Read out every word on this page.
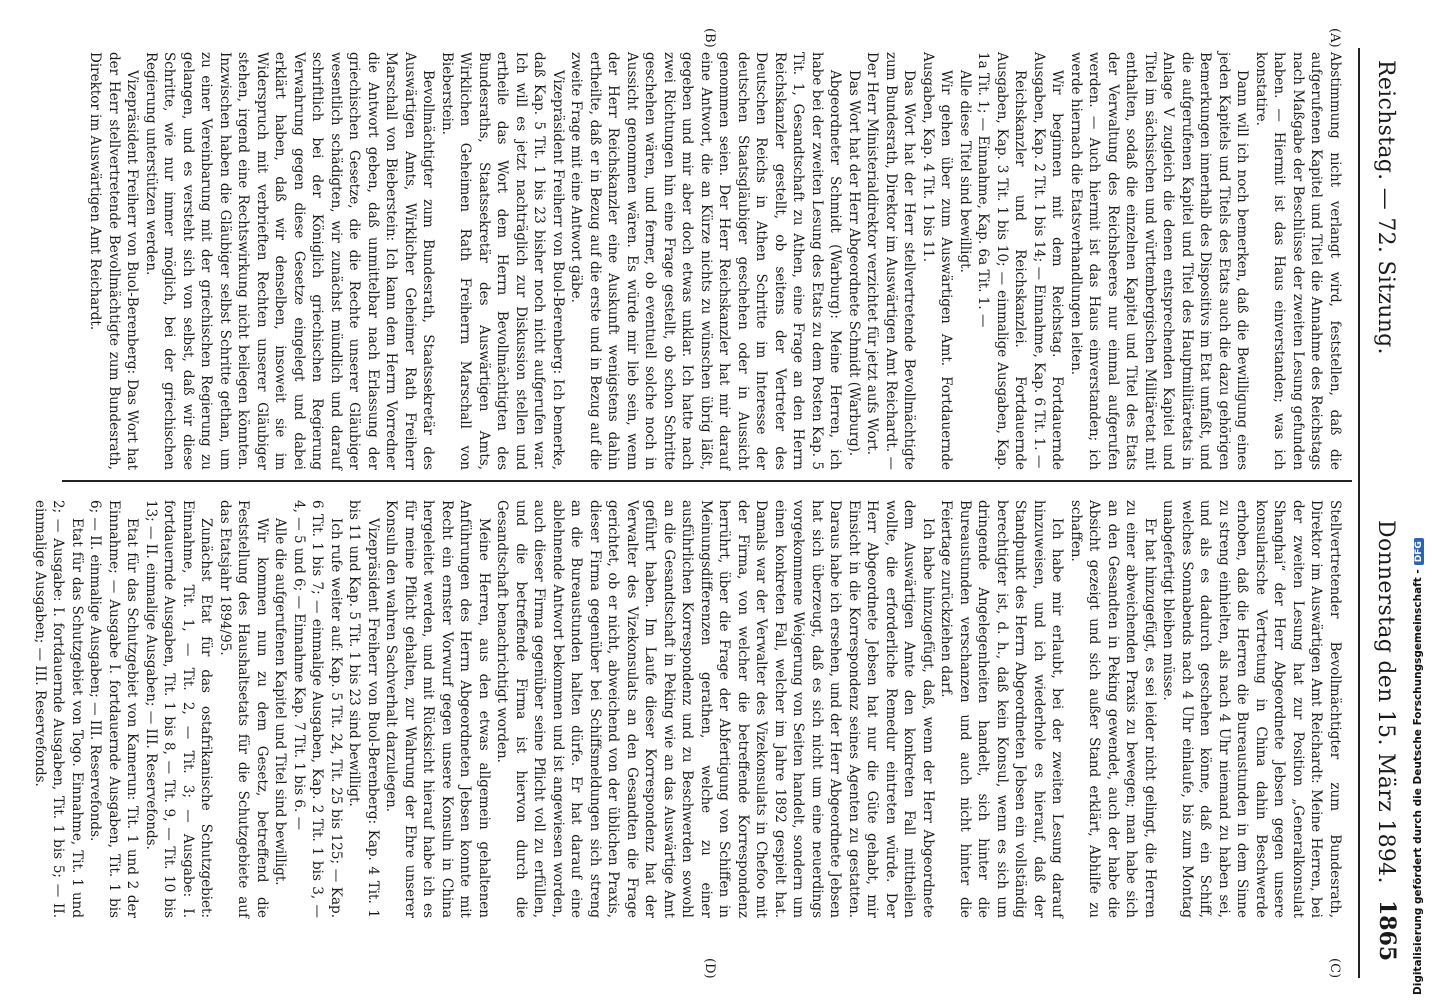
Reichstag. — 72. Sitzung.
Donnerstag den 15. März 1894.
1865
(A)
(B)
(C)
(D)

Abstimmung nicht verlangt wird, feststellen, daß die aufgerufenen Kapitel und Titel die Annahme des Reichstags nach Maßgabe der Beschlüsse der zweiten Lesung gefunden haben. — Hiermit ist das Haus einverstanden; was ich konstatire.

Dann will ich noch bemerken, daß die Bewilligung eines jeden Kapitels und Titels des Etats auch die dazu gehörigen Bemerkungen innerhalb des Dispositivs im Etat umfaßt, und die aufgerufenen Kapitel und Titel des Hauptmilitäretats in Anlage V zugleich die denen entsprechenden Kapitel und Titel im sächsischen und württembergischen Militäretat mit enthalten, sodaß die einzelnen Kapitel und Titel des Etats der Verwaltung des Reichsheeres nur einmal aufgerufen werden. — Auch hiermit ist das Haus einverstanden; ich werde hiernach die Etatsverhandlungen leiten.

Wir beginnen mit dem Reichstag. Fortdauernde Ausgaben, Kap. 2 Tit. 1 bis 14; — Einnahme, Kap. 6 Tit. 1. —

Reichskanzler und Reichskanzlei. Fortdauernde Ausgaben, Kap. 3 Tit. 1 bis 10; — einmalige Ausgaben, Kap. 1a Tit. 1; — Einnahme, Kap. 6a Tit. 1. —

Alle diese Titel sind bewilligt.

Wir gehen über zum Auswärtigen Amt. Fortdauernde Ausgaben, Kap. 4 Tit. 1 bis 11.

Das Wort hat der Herr stellvertretende Bevollmächtigte zum Bundesrath, Direktor im Auswärtigen Amt Reichardt. — Der Herr Ministerialdirektor verzichtet für jetzt aufs Wort.

Das Wort hat der Herr Abgeordnete Schmidt (Warburg).

Abgeordneter Schmidt (Warburg): Meine Herren, ich habe bei der zweiten Lesung des Etats zu dem Posten Kap. 5 Tit. 1, Gesandtschaft zu Athen, eine Frage an den Herrn Reichskanzler gestellt, ob seitens der Vertreter des Deutschen Reichs in Athen Schritte im Interesse der deutschen Staatsgläubiger geschehen oder in Aussicht genommen seien. Der Herr Reichskanzler hat mir darauf eine Antwort, die an Kürze nichts zu wünschen übrig läßt, gegeben und mir aber doch etwas unklar. Ich hatte nach zwei Richtungen hin eine Frage gestellt, ob schon Schritte geschehen wären, und ferner, ob eventuell solche noch in Aussicht genommen wären. Es würde mir lieb sein, wenn der Herr Reichskanzler eine Auskunft wenigstens dahin ertheilte, daß er in Bezug auf die erste und in Bezug auf die zweite Frage mit eine Antwort gäbe.

Vizepräsident Freiherr von Buol-Berenberg: Ich bemerke, daß Kap. 5 Tit. 1 bis 23 bisher noch nicht aufgerufen war. Ich will es jetzt nachträglich zur Diskussion stellen und ertheile das Wort dem Herrn Bevollmächtigten des Bundesraths, Staatssekretär des Auswärtigen Amts, Wirklichen Geheimen Rath Freiherrn Marschall von Bieberstein.

Bevollmächtigter zum Bundesrath, Staatssekretär des Auswärtigen Amts, Wirklicher Geheimer Rath Freiherr Marschall von Bieberstein: Ich kann dem Herrn Vorredner die Antwort geben, daß unmittelbar nach Erlassung der griechischen Gesetze, die die Rechte unserer Gläubiger wesentlich schädigten, wir zunächst mündlich und darauf schriftlich bei der Königlich griechischen Regierung Verwahrung gegen diese Gesetze eingelegt und dabei erklärt haben, daß wir denselben, insoweit sie im Widerspruch mit verbrieften Rechten unserer Gläubiger stehen, irgend eine Rechtswirkung nicht beilegen könnten. Inzwischen haben die Gläubiger selbst Schritte gethan, um zu einer Vereinbarung mit der griechischen Regierung zu gelangen, und es versteht sich von selbst, daß wir diese Schritte, wie nur immer möglich, bei der griechischen Regierung unterstützen werden.

Vizepräsident Freiherr von Buol-Berenberg: Das Wort hat der Herr stellvertretende Bevollmächtigte zum Bundesrath, Direktor im Auswärtigen Amt Reichardt.

Stellvertretender Bevollmächtigter zum Bundesrath, Direktor im Auswärtigen Amt Reichardt: Meine Herren, bei der zweiten Lesung hat zur Position „Generalkonsulat Shanghai“ der Herr Abgeordnete Jebsen gegen unsere konsularische Vertretung in China dahin Beschwerde erhoben, daß die Herren die Bureaustunden in dem Sinne zu streng einhielten, als nach 4 Uhr niemand zu haben sei, und als es dadurch geschehen könne, daß ein Schiff, welches Sonnabends nach 4 Uhr einlaufe, bis zum Montag unabgefertigt bleiben müsse.

Er hat hinzugefügt, es sei leider nicht gelingt, die Herren zu einer abweichenden Praxis zu bewegen; man habe sich an den Gesandten in Peking gewendet, auch der habe die Absicht gezeigt und sich außer Stand erklärt, Abhilfe zu schaffen.

Ich habe mir erlaubt, bei der zweiten Lesung darauf hinzuweisen, und ich wiederhole es hierauf, daß der Standpunkt des Herrn Abgeordneten Jebsen ein vollständig berechtigter ist, d. h., daß kein Konsul, wenn es sich um dringende Angelegenheiten handelt, sich hinter die Bureaustunden verschanzen und auch nicht hinter die Feiertage zurückziehen darf.

Ich habe hinzugefügt, daß, wenn der Herr Abgeordnete dem Auswärtigen Amte den konkreten Fall mittheilen wollte, die erforderliche Remedur eintreten würde. Der Herr Abgeordnete Jebsen hat nur die Güte gehabt, mir Einsicht in die Korrespondenz seines Agenten zu gestatten. Daraus habe ich ersehen, und der Herr Abgeordnete Jebsen hat sich überzeugt, daß es sich nicht um eine neuerdings vorgekommene Weigerung von Seiten handelt, sondern um einen konkreten Fall, welcher im Jahre 1892 gespielt hat. Damals war der Verwalter des Vizekonsulats in Chefoo mit der Firma, von welcher die betreffende Korrespondenz herrührt, über die Frage der Abfertigung von Schiffen in Meinungsdifferenzen gerathen, welche zu einer ausführlichen Korrespondenz und zu Beschwerden sowohl an die Gesandtschaft in Peking wie an das Auswärtige Amt geführt haben. Im Laufe dieser Korrespondenz hat der Verwalter des Vizekonsulats an den Gesandten die Frage gerichtet, ob er nicht, abweichend von der üblichen Praxis, dieser Firma gegenüber bei Schiffsmeldungen sich streng an die Bureaustunden halten dürfe. Er hat darauf eine ablehnende Antwort bekommen und ist angewiesen worden, auch dieser Firma gegenüber seine Pflicht voll zu erfüllen, und die betreffende Firma ist hiervon durch die Gesandtschaft benachrichtigt worden.

Meine Herren, aus den etwas allgemein gehaltenen Anführungen des Herrn Abgeordneten Jebsen konnte mit Recht ein ernster Vorwurf gegen unsere Konsuln in China hergeleitet werden, und mit Rücksicht hierauf habe ich es für meine Pflicht gehalten, zur Wahrung der Ehre unserer Konsuln den wahren Sachverhalt darzulegen.

Vizepräsident Freiherr von Buol-Berenberg: Kap. 4 Tit. 1 bis 11 und Kap. 5 Tit. 1 bis 23 sind bewilligt.

Ich rufe weiter auf: Kap. 5 Tit. 24, Tit. 25 bis 125; — Kap. 6 Tit. 1 bis 7; — einmalige Ausgaben, Kap. 2 Tit. 1 bis 3, — 4, — 5 und 6; — Einnahme Kap. 7 Tit. 1 bis 6. —

Alle die aufgerufenen Kapitel und Titel sind bewilligt.

Wir kommen nun zu dem Gesetz, betreffend die Feststellung des Haushaltsetats für die Schutzgebiete auf das Etatsjahr 1894/95.

Zunächst Etat für das ostafrikanische Schutzgebiet: Einnahme, Tit. 1, — Tit. 2, — Tit. 3; — Ausgabe: I. fortdauernde Ausgaben, Tit. 1 bis 8, — Tit. 9, — Tit. 10 bis 13; — II. einmalige Ausgaben; — III. Reservefonds.

Etat für das Schutzgebiet von Kamerun: Tit. 1 und 2 der Einnahme; — Ausgabe I. fortdauernde Ausgaben, Tit. 1 bis 6; — II. einmalige Ausgaben; — III. Reservefonds.

Etat für das Schutzgebiet von Togo. Einnahme, Tit. 1 und 2; — Ausgabe: I. fortdauernde Ausgaben, Tit. 1 bis 5; — II. einmalige Ausgaben; — III. Reservefonds.	Digitalisierung gefördert durch die Deutsche Forschungsgemeinschaft -DFG
